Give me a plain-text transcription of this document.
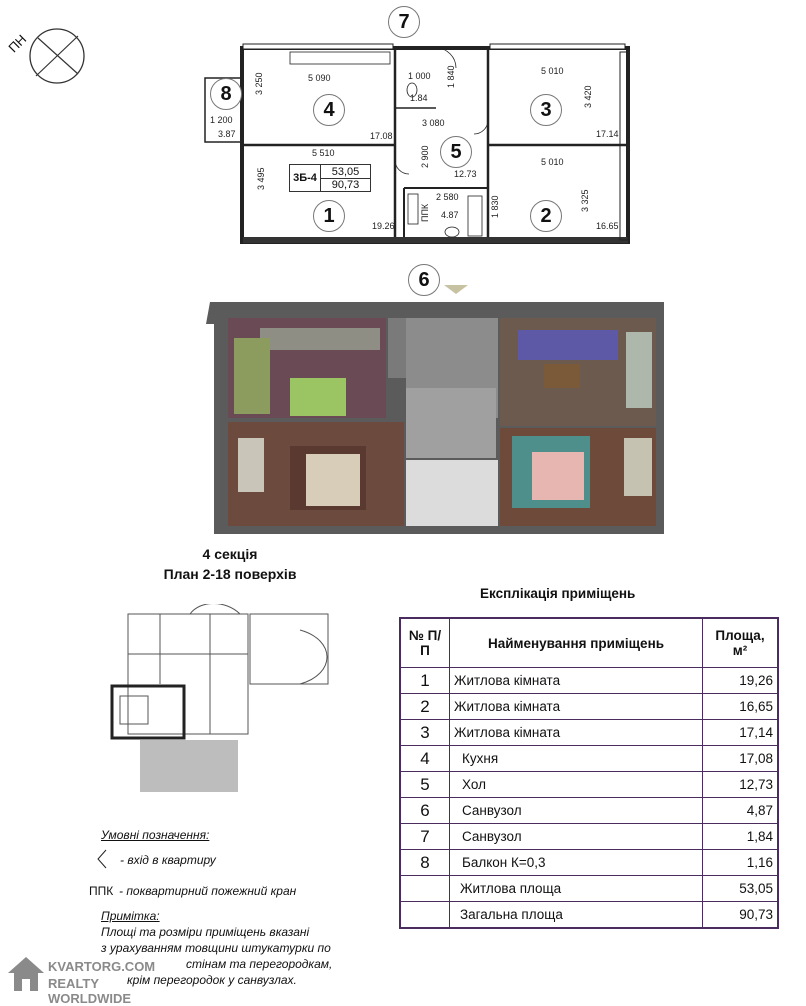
ПН
1	2
3
4
5
6
7
8
3Б-4
53,05
90,73
5 090
3 250	1 000 1 840
1.84
5 010
3 420
1 200
3.87	17.08
3 080
17.14
5 510	2 900	5 010
3 495	12.73
2 580	1 830	3 325
19.26	16.65
4.87
ППК
4 секція
План 2-18 поверхів
Експлікація приміщень
№ П/П	Найменування приміщень	Площа,
м²
1	Житлова кімната	19,26
2	Житлова кімната	16,65
3	Житлова кімната	17,14
4	Кухня	17,08
5	Хол	12,73
6	Санвузол	4,87
7	Санвузол	1,84
8	Балкон К=0,3	1,16
	Житлова площа	53,05
	Загальна площа	90,73
Умовні позначення:
- вхід в квартиру
ППК - поквартирний пожежний кран
Примітка:
Площі та розміри приміщень вказані
з урахуванням товщини штукатурки по
стінам та перегородкам,
крім перегородок у санвузлах.
KVARTORG.COM
REALTY WORLDWIDE
